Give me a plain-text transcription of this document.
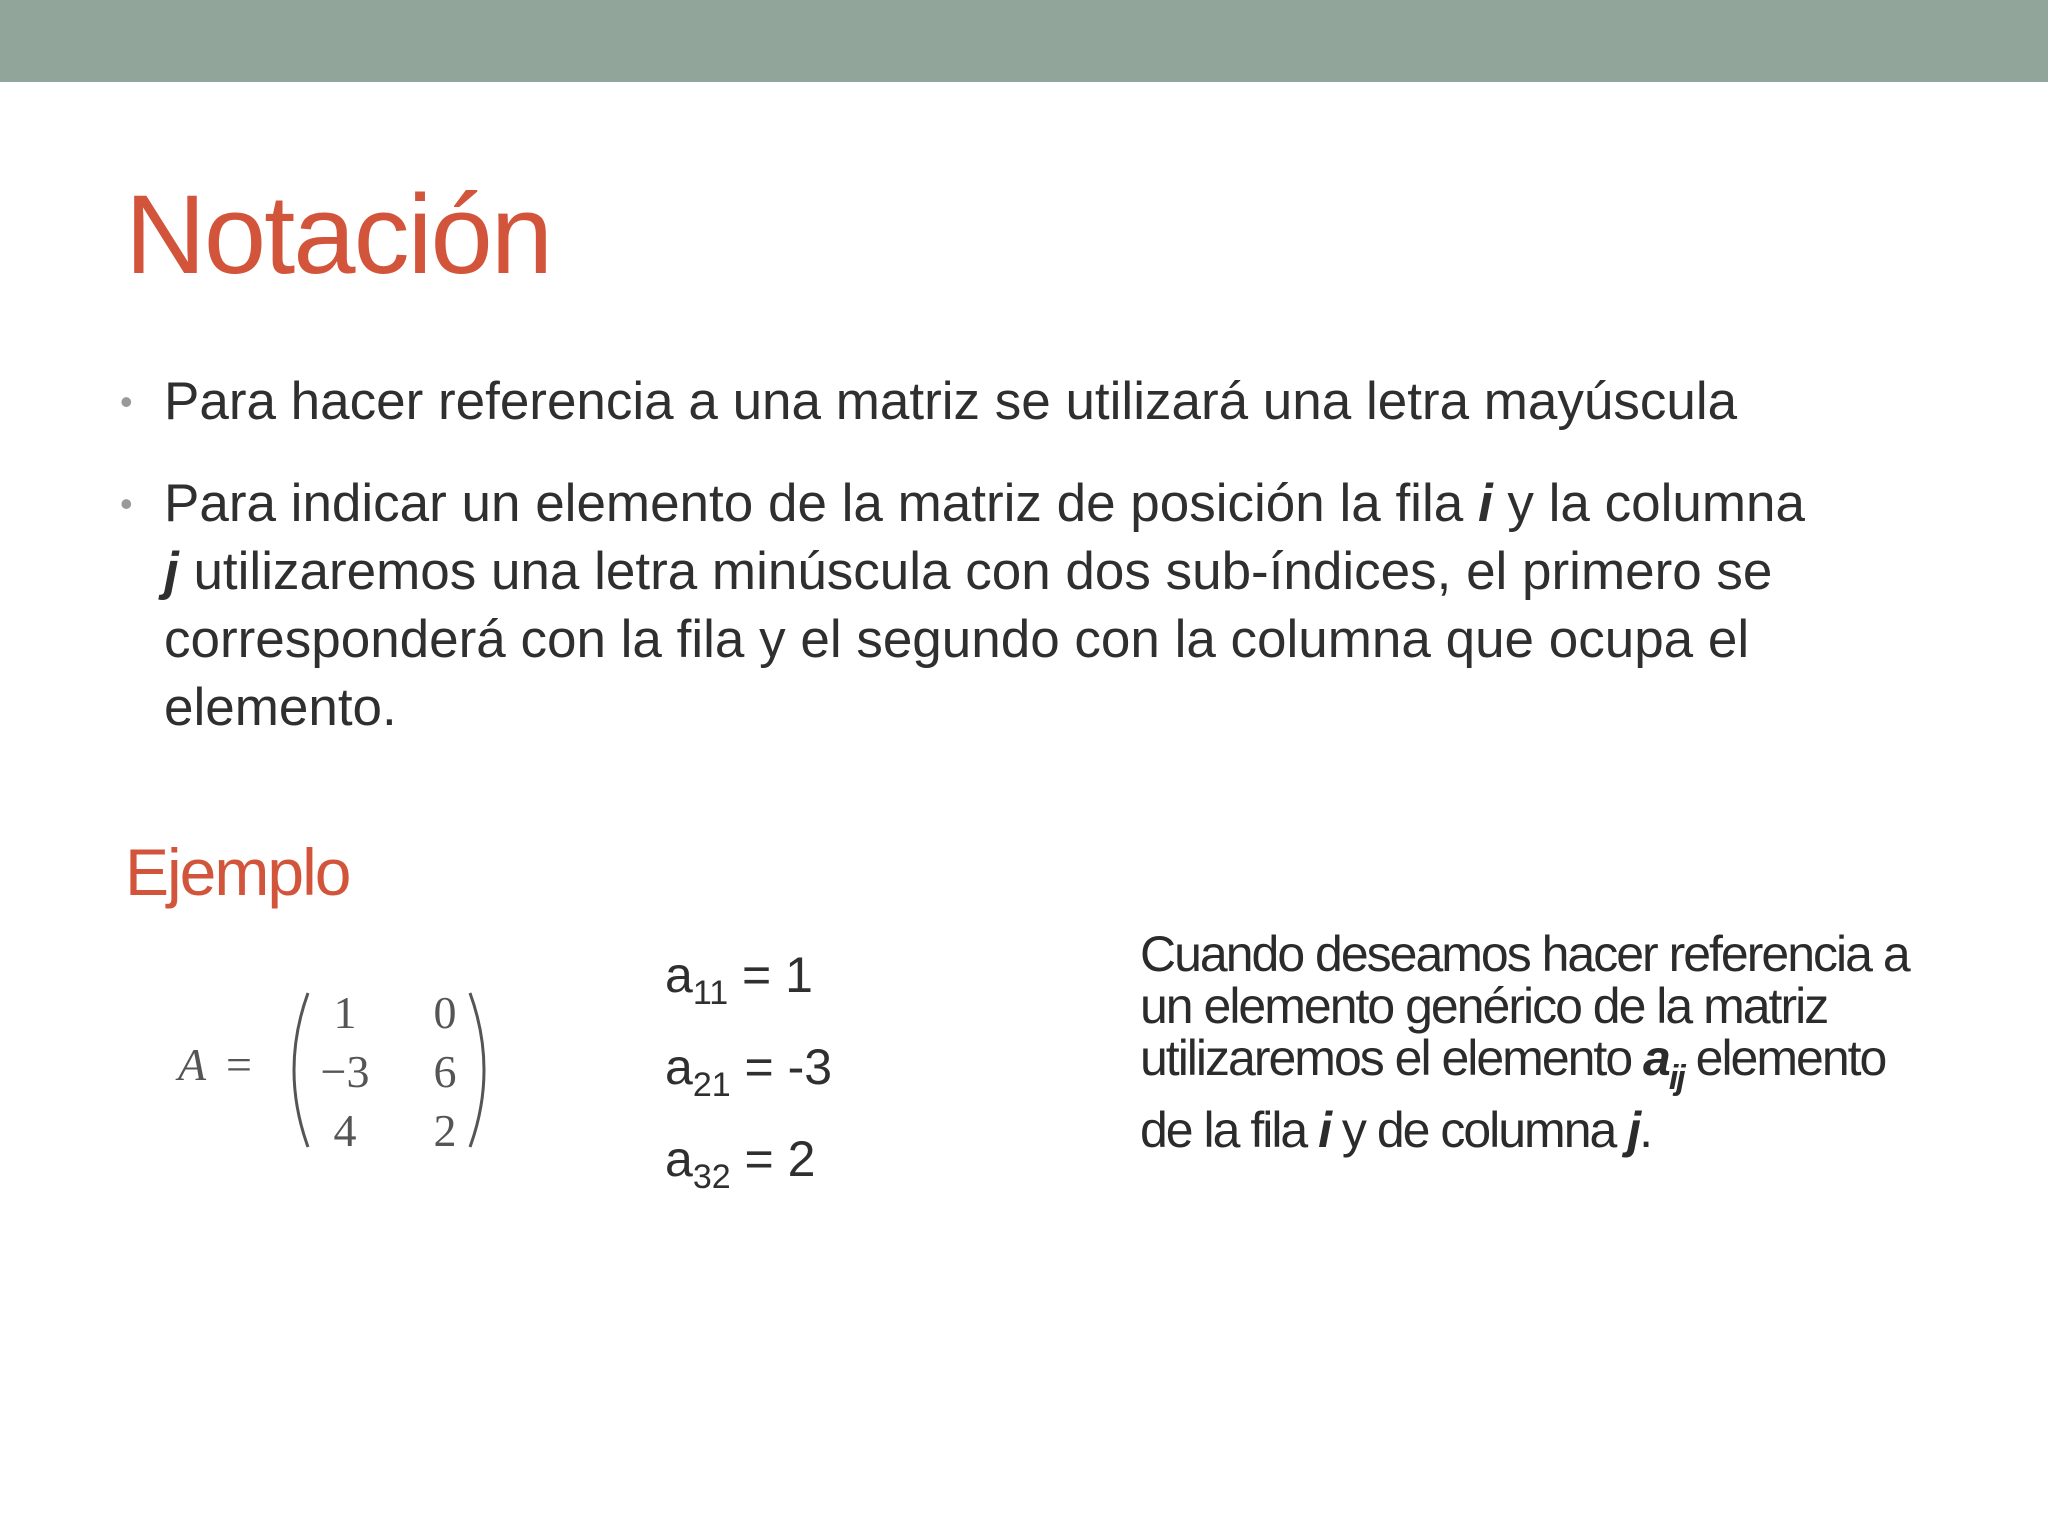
Notación
• Para hacer referencia a una matriz se utilizará una letra mayúscula
• Para indicar un elemento de la matriz de posición la fila i y la columna
j utilizaremos una letra minúscula con dos sub-índices, el primero se corresponderá con la fila y el segundo con la columna que ocupa el elemento.
Ejemplo
A =
1	0
−3	6
4	2
$a_{11} = 1$
$a_{21} = -3$
$a_{32} = 2$
Cuando deseamos hacer referencia a un elemento genérico de la matriz utilizaremos el elemento $a_{ij}$ elemento de la fila i y de columna j.
